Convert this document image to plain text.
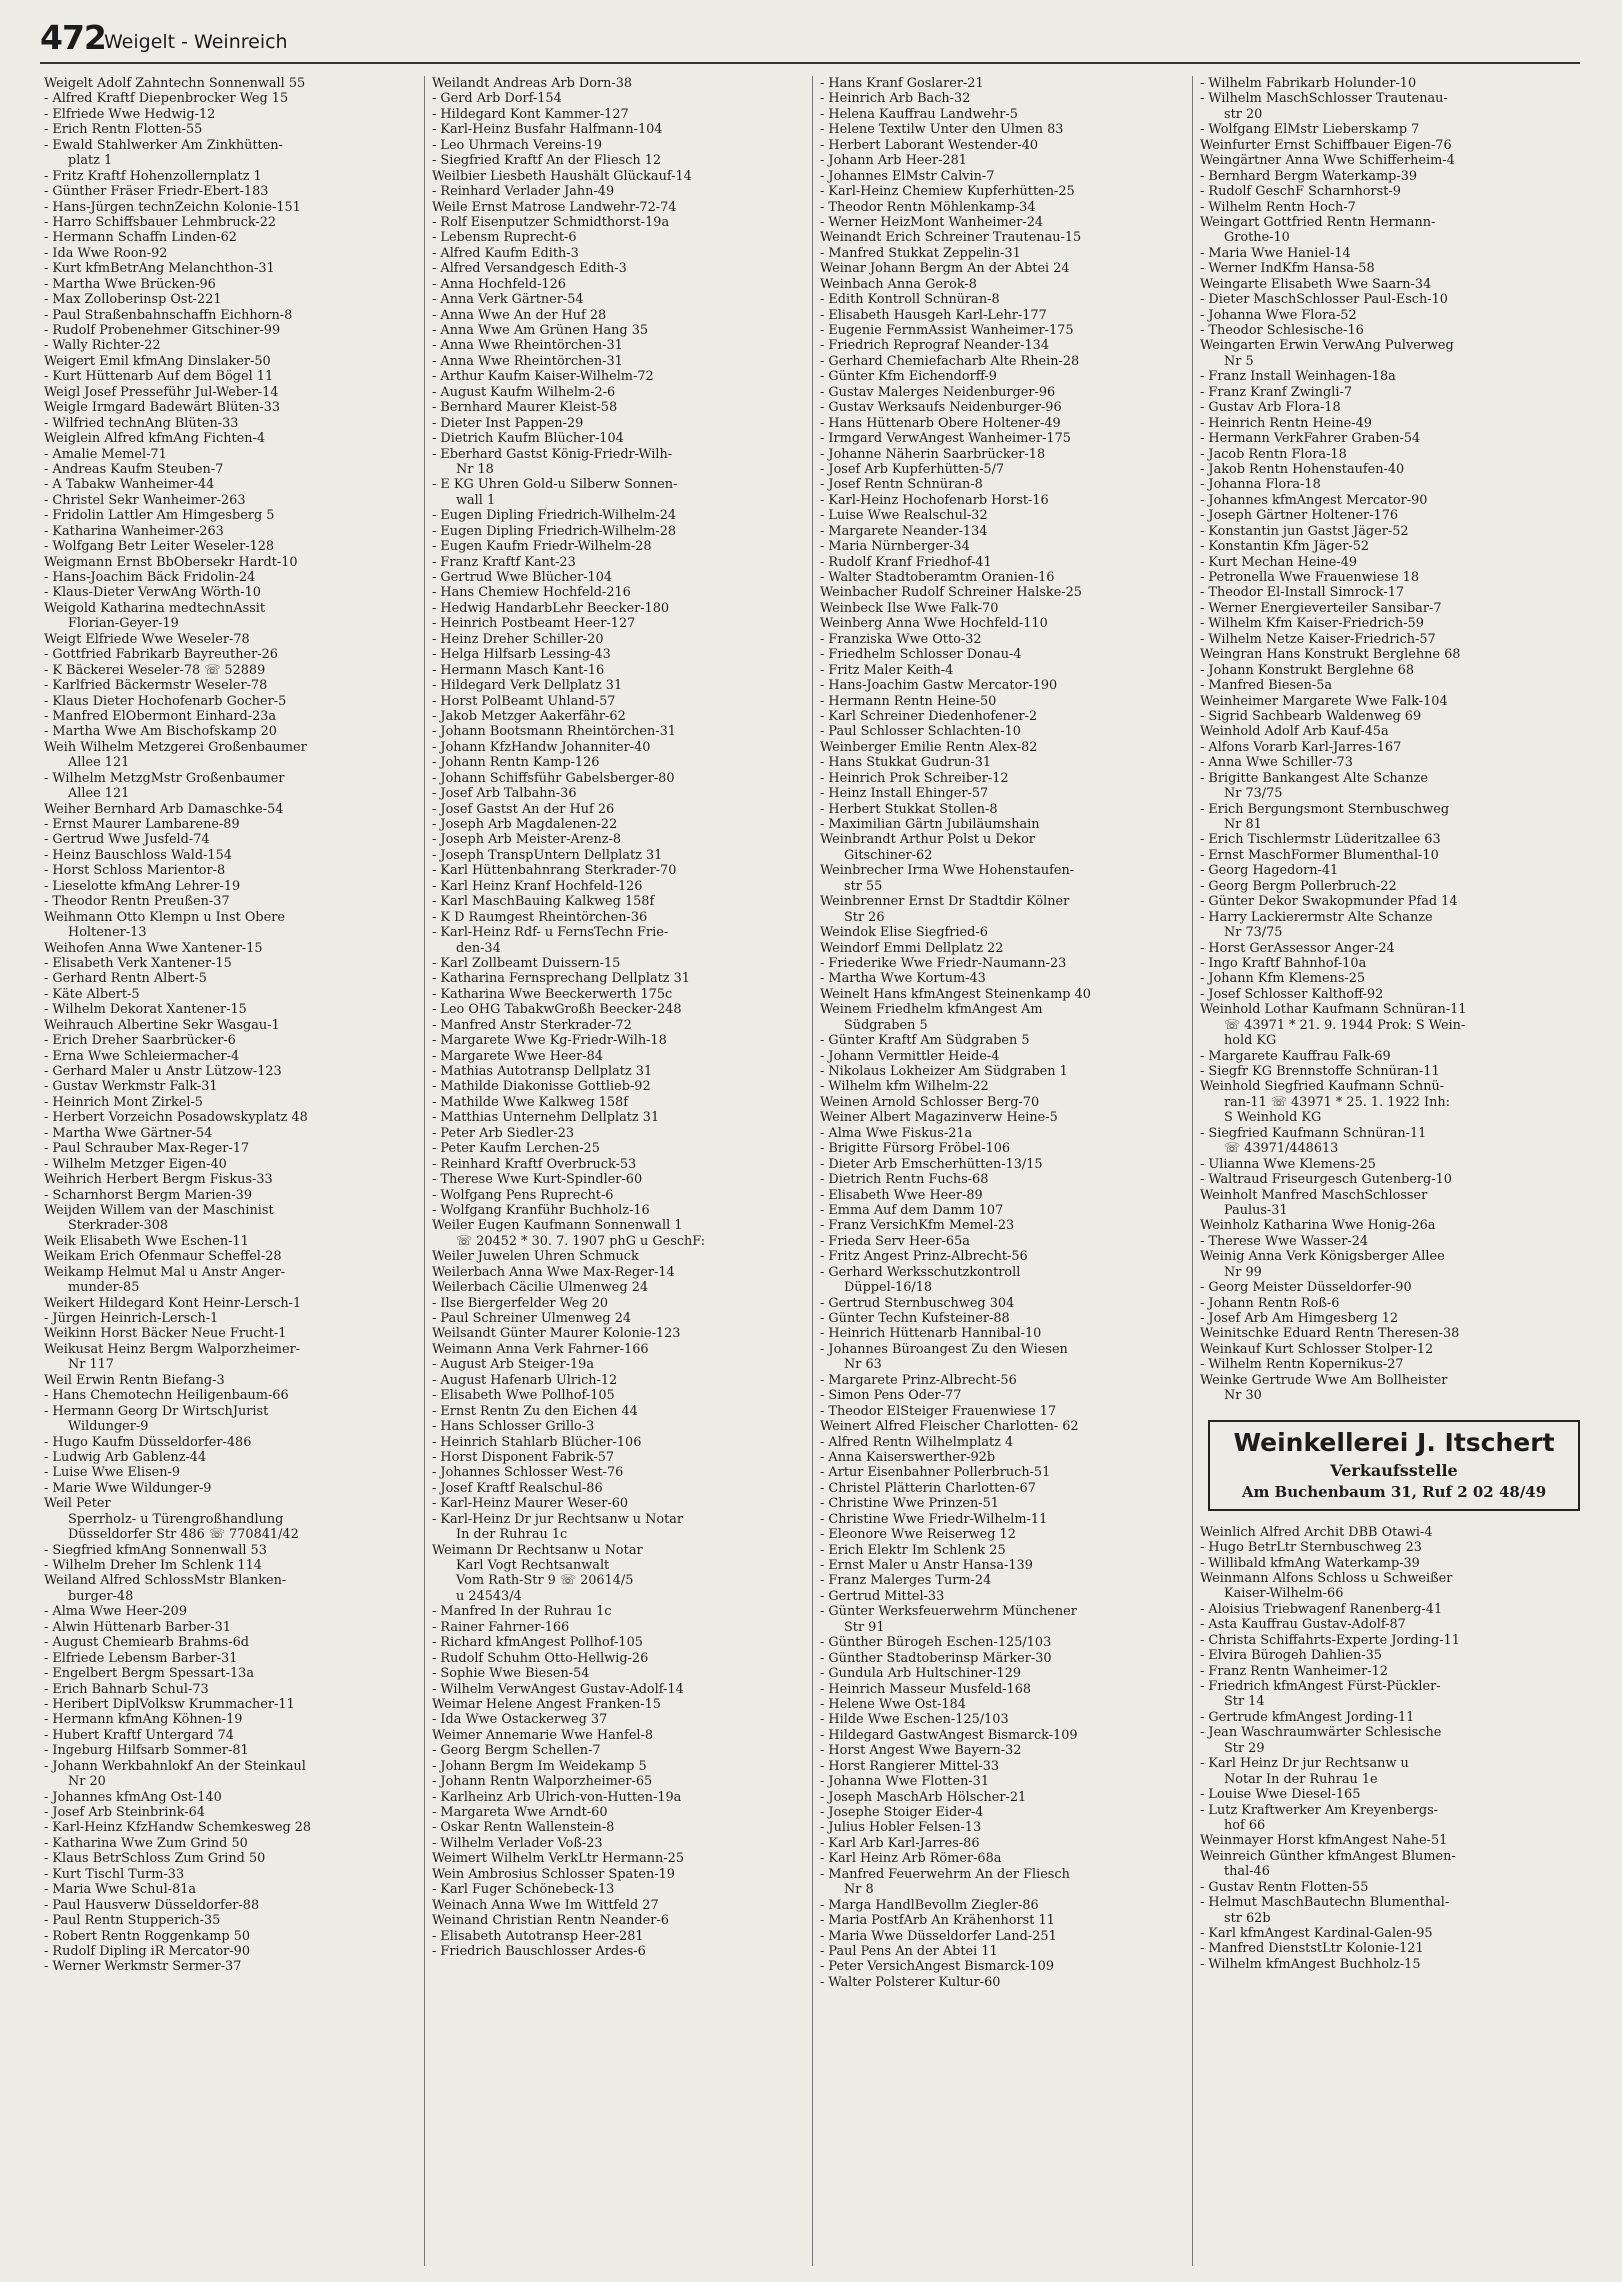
472
Weigelt - Weinreich
Weigelt Adolf Zahntechn Sonnenwall 55
- Alfred Kraftf Diepenbrocker Weg 15
- Elfriede Wwe Hedwig-12
- Erich Rentn Flotten-55
- Ewald Stahlwerker Am Zinkhütten-
platz 1
- Fritz Kraftf Hohenzollernplatz 1
- Günther Fräser Friedr-Ebert-183
- Hans-Jürgen technZeichn Kolonie-151
- Harro Schiffsbauer Lehmbruck-22
- Hermann Schaffn Linden-62
- Ida Wwe Roon-92
- Kurt kfmBetrAng Melanchthon-31
- Martha Wwe Brücken-96
- Max Zolloberinsp Ost-221
- Paul Straßenbahnschaffn Eichhorn-8
- Rudolf Probenehmer Gitschiner-99
- Wally Richter-22
Weigert Emil kfmAng Dinslaker-50
- Kurt Hüttenarb Auf dem Bögel 11
Weigl Josef Presseführ Jul-Weber-14
Weigle Irmgard Badewärt Blüten-33
- Wilfried technAng Blüten-33
Weiglein Alfred kfmAng Fichten-4
- Amalie Memel-71
- Andreas Kaufm Steuben-7
- A Tabakw Wanheimer-44
- Christel Sekr Wanheimer-263
- Fridolin Lattler Am Himgesberg 5
- Katharina Wanheimer-263
- Wolfgang Betr Leiter Weseler-128
Weigmann Ernst BbObersekr Hardt-10
- Hans-Joachim Bäck Fridolin-24
- Klaus-Dieter VerwAng Wörth-10
Weigold Katharina medtechnAssit
Florian-Geyer-19
Weigt Elfriede Wwe Weseler-78
- Gottfried Fabrikarb Bayreuther-26
- K Bäckerei Weseler-78 ☏ 52889
- Karlfried Bäckermstr Weseler-78
- Klaus Dieter Hochofenarb Gocher-5
- Manfred ElObermont Einhard-23a
- Martha Wwe Am Bischofskamp 20
Weih Wilhelm Metzgerei Großenbaumer
Allee 121
- Wilhelm MetzgMstr Großenbaumer
Allee 121
Weiher Bernhard Arb Damaschke-54
- Ernst Maurer Lambarene-89
- Gertrud Wwe Jusfeld-74
- Heinz Bauschloss Wald-154
- Horst Schloss Marientor-8
- Lieselotte kfmAng Lehrer-19
- Theodor Rentn Preußen-37
Weihmann Otto Klempn u Inst Obere
Holtener-13
Weihofen Anna Wwe Xantener-15
- Elisabeth Verk Xantener-15
- Gerhard Rentn Albert-5
- Käte Albert-5
- Wilhelm Dekorat Xantener-15
Weihrauch Albertine Sekr Wasgau-1
- Erich Dreher Saarbrücker-6
- Erna Wwe Schleiermacher-4
- Gerhard Maler u Anstr Lützow-123
- Gustav Werkmstr Falk-31
- Heinrich Mont Zirkel-5
- Herbert Vorzeichn Posadowskyplatz 48
- Martha Wwe Gärtner-54
- Paul Schrauber Max-Reger-17
- Wilhelm Metzger Eigen-40
Weihrich Herbert Bergm Fiskus-33
- Scharnhorst Bergm Marien-39
Weijden Willem van der Maschinist
Sterkrader-308
Weik Elisabeth Wwe Eschen-11
Weikam Erich Ofenmaur Scheffel-28
Weikamp Helmut Mal u Anstr Anger-
munder-85
Weikert Hildegard Kont Heinr-Lersch-1
- Jürgen Heinrich-Lersch-1
Weikinn Horst Bäcker Neue Frucht-1
Weikusat Heinz Bergm Walporzheimer-
Nr 117
Weil Erwin Rentn Biefang-3
- Hans Chemotechn Heiligenbaum-66
- Hermann Georg Dr WirtschJurist
Wildunger-9
- Hugo Kaufm Düsseldorfer-486
- Ludwig Arb Gablenz-44
- Luise Wwe Elisen-9
- Marie Wwe Wildunger-9
Weil Peter
Sperrholz- u Türengroßhandlung
Düsseldorfer Str 486 ☏ 770841/42
- Siegfried kfmAng Sonnenwall 53
- Wilhelm Dreher Im Schlenk 114
Weiland Alfred SchlossMstr Blanken-
burger-48
- Alma Wwe Heer-209
- Alwin Hüttenarb Barber-31
- August Chemiearb Brahms-6d
- Elfriede Lebensm Barber-31
- Engelbert Bergm Spessart-13a
- Erich Bahnarb Schul-73
- Heribert DiplVolksw Krummacher-11
- Hermann kfmAng Köhnen-19
- Hubert Kraftf Untergard 74
- Ingeburg Hilfsarb Sommer-81
- Johann Werkbahnlokf An der Steinkaul
Nr 20
- Johannes kfmAng Ost-140
- Josef Arb Steinbrink-64
- Karl-Heinz KfzHandw Schemkesweg 28
- Katharina Wwe Zum Grind 50
- Klaus BetrSchloss Zum Grind 50
- Kurt Tischl Turm-33
- Maria Wwe Schul-81a
- Paul Hausverw Düsseldorfer-88
- Paul Rentn Stupperich-35
- Robert Rentn Roggenkamp 50
- Rudolf Dipling iR Mercator-90
- Werner Werkmstr Sermer-37
Weilandt Andreas Arb Dorn-38
- Gerd Arb Dorf-154
- Hildegard Kont Kammer-127
- Karl-Heinz Busfahr Halfmann-104
- Leo Uhrmach Vereins-19
- Siegfried Kraftf An der Fliesch 12
Weilbier Liesbeth Haushält Glückauf-14
- Reinhard Verlader Jahn-49
Weile Ernst Matrose Landwehr-72-74
- Rolf Eisenputzer Schmidthorst-19a
- Lebensm Ruprecht-6
- Alfred Kaufm Edith-3
- Alfred Versandgesch Edith-3
- Anna Hochfeld-126
- Anna Verk Gärtner-54
- Anna Wwe An der Huf 28
- Anna Wwe Am Grünen Hang 35
- Anna Wwe Rheintörchen-31
- Anna Wwe Rheintörchen-31
- Arthur Kaufm Kaiser-Wilhelm-72
- August Kaufm Wilhelm-2-6
- Bernhard Maurer Kleist-58
- Dieter Inst Pappen-29
- Dietrich Kaufm Blücher-104
- Eberhard Gastst König-Friedr-Wilh-
Nr 18
- E KG Uhren Gold-u Silberw Sonnen-
wall 1
- Eugen Dipling Friedrich-Wilhelm-24
- Eugen Dipling Friedrich-Wilhelm-28
- Eugen Kaufm Friedr-Wilhelm-28
- Franz Kraftf Kant-23
- Gertrud Wwe Blücher-104
- Hans Chemiew Hochfeld-216
- Hedwig HandarbLehr Beecker-180
- Heinrich Postbeamt Heer-127
- Heinz Dreher Schiller-20
- Helga Hilfsarb Lessing-43
- Hermann Masch Kant-16
- Hildegard Verk Dellplatz 31
- Horst PolBeamt Uhland-57
- Jakob Metzger Aakerfähr-62
- Johann Bootsmann Rheintörchen-31
- Johann KfzHandw Johanniter-40
- Johann Rentn Kamp-126
- Johann Schiffsführ Gabelsberger-80
- Josef Arb Talbahn-36
- Josef Gastst An der Huf 26
- Joseph Arb Magdalenen-22
- Joseph Arb Meister-Arenz-8
- Joseph TranspUntern Dellplatz 31
- Karl Hüttenbahnrang Sterkrader-70
- Karl Heinz Kranf Hochfeld-126
- Karl MaschBauing Kalkweg 158f
- K D Raumgest Rheintörchen-36
- Karl-Heinz Rdf- u FernsTechn Frie-
den-34
- Karl Zollbeamt Duissern-15
- Katharina Fernsprechang Dellplatz 31
- Katharina Wwe Beeckerwerth 175c
- Leo OHG TabakwGroßh Beecker-248
- Manfred Anstr Sterkrader-72
- Margarete Wwe Kg-Friedr-Wilh-18
- Margarete Wwe Heer-84
- Mathias Autotransp Dellplatz 31
- Mathilde Diakonisse Gottlieb-92
- Mathilde Wwe Kalkweg 158f
- Matthias Unternehm Dellplatz 31
- Peter Arb Siedler-23
- Peter Kaufm Lerchen-25
- Reinhard Kraftf Overbruck-53
- Therese Wwe Kurt-Spindler-60
- Wolfgang Pens Ruprecht-6
- Wolfgang Kranführ Buchholz-16
Weiler Eugen Kaufmann Sonnenwall 1
☏ 20452 * 30. 7. 1907 phG u GeschF:
Weiler Juwelen Uhren Schmuck
Weilerbach Anna Wwe Max-Reger-14
Weilerbach Cäcilie Ulmenweg 24
- Ilse Biergerfelder Weg 20
- Paul Schreiner Ulmenweg 24
Weilsandt Günter Maurer Kolonie-123
Weimann Anna Verk Fahrner-166
- August Arb Steiger-19a
- August Hafenarb Ulrich-12
- Elisabeth Wwe Pollhof-105
- Ernst Rentn Zu den Eichen 44
- Hans Schlosser Grillo-3
- Heinrich Stahlarb Blücher-106
- Horst Disponent Fabrik-57
- Johannes Schlosser West-76
- Josef Kraftf Realschul-86
- Karl-Heinz Maurer Weser-60
- Karl-Heinz Dr jur Rechtsanw u Notar
In der Ruhrau 1c
Weimann Dr Rechtsanw u Notar
Karl Vogt Rechtsanwalt
Vom Rath-Str 9 ☏ 20614/5
u 24543/4
- Manfred In der Ruhrau 1c
- Rainer Fahrner-166
- Richard kfmAngest Pollhof-105
- Rudolf Schuhm Otto-Hellwig-26
- Sophie Wwe Biesen-54
- Wilhelm VerwAngest Gustav-Adolf-14
Weimar Helene Angest Franken-15
- Ida Wwe Ostackerweg 37
Weimer Annemarie Wwe Hanfel-8
- Georg Bergm Schellen-7
- Johann Bergm Im Weidekamp 5
- Johann Rentn Walporzheimer-65
- Karlheinz Arb Ulrich-von-Hutten-19a
- Margareta Wwe Arndt-60
- Oskar Rentn Wallenstein-8
- Wilhelm Verlader Voß-23
Weimert Wilhelm VerkLtr Hermann-25
Wein Ambrosius Schlosser Spaten-19
- Karl Fuger Schönebeck-13
Weinach Anna Wwe Im Wittfeld 27
Weinand Christian Rentn Neander-6
- Elisabeth Autotransp Heer-281
- Friedrich Bauschlosser Ardes-6
- Hans Kranf Goslarer-21
- Heinrich Arb Bach-32
- Helena Kauffrau Landwehr-5
- Helene Textilw Unter den Ulmen 83
- Herbert Laborant Westender-40
- Johann Arb Heer-281
- Johannes ElMstr Calvin-7
- Karl-Heinz Chemiew Kupferhütten-25
- Theodor Rentn Möhlenkamp-34
- Werner HeizMont Wanheimer-24
Weinandt Erich Schreiner Trautenau-15
- Manfred Stukkat Zeppelin-31
Weinar Johann Bergm An der Abtei 24
Weinbach Anna Gerok-8
- Edith Kontroll Schnüran-8
- Elisabeth Hausgeh Karl-Lehr-177
- Eugenie FernmAssist Wanheimer-175
- Friedrich Reprograf Neander-134
- Gerhard Chemiefacharb Alte Rhein-28
- Günter Kfm Eichendorff-9
- Gustav Malerges Neidenburger-96
- Gustav Werksaufs Neidenburger-96
- Hans Hüttenarb Obere Holtener-49
- Irmgard VerwAngest Wanheimer-175
- Johanne Näherin Saarbrücker-18
- Josef Arb Kupferhütten-5/7
- Josef Rentn Schnüran-8
- Karl-Heinz Hochofenarb Horst-16
- Luise Wwe Realschul-32
- Margarete Neander-134
- Maria Nürnberger-34
- Rudolf Kranf Friedhof-41
- Walter Stadtoberamtm Oranien-16
Weinbacher Rudolf Schreiner Halske-25
Weinbeck Ilse Wwe Falk-70
Weinberg Anna Wwe Hochfeld-110
- Franziska Wwe Otto-32
- Friedhelm Schlosser Donau-4
- Fritz Maler Keith-4
- Hans-Joachim Gastw Mercator-190
- Hermann Rentn Heine-50
- Karl Schreiner Diedenhofener-2
- Paul Schlosser Schlachten-10
Weinberger Emilie Rentn Alex-82
- Hans Stukkat Gudrun-31
- Heinrich Prok Schreiber-12
- Heinz Install Ehinger-57
- Herbert Stukkat Stollen-8
- Maximilian Gärtn Jubiläumshain
Weinbrandt Arthur Polst u Dekor
Gitschiner-62
Weinbrecher Irma Wwe Hohenstaufen-
str 55
Weinbrenner Ernst Dr Stadtdir Kölner
Str 26
Weindok Elise Siegfried-6
Weindorf Emmi Dellplatz 22
- Friederike Wwe Friedr-Naumann-23
- Martha Wwe Kortum-43
Weinelt Hans kfmAngest Steinenkamp 40
Weinem Friedhelm kfmAngest Am
Südgraben 5
- Günter Kraftf Am Südgraben 5
- Johann Vermittler Heide-4
- Nikolaus Lokheizer Am Südgraben 1
- Wilhelm kfm Wilhelm-22
Weinen Arnold Schlosser Berg-70
Weiner Albert Magazinverw Heine-5
- Alma Wwe Fiskus-21a
- Brigitte Fürsorg Fröbel-106
- Dieter Arb Emscherhütten-13/15
- Dietrich Rentn Fuchs-68
- Elisabeth Wwe Heer-89
- Emma Auf dem Damm 107
- Franz VersichKfm Memel-23
- Frieda Serv Heer-65a
- Fritz Angest Prinz-Albrecht-56
- Gerhard Werksschutzkontroll
Düppel-16/18
- Gertrud Sternbuschweg 304
- Günter Techn Kufsteiner-88
- Heinrich Hüttenarb Hannibal-10
- Johannes Büroangest Zu den Wiesen
Nr 63
- Margarete Prinz-Albrecht-56
- Simon Pens Oder-77
- Theodor ElSteiger Frauenwiese 17
Weinert Alfred Fleischer Charlotten- 62
- Alfred Rentn Wilhelmplatz 4
- Anna Kaiserswerther-92b
- Artur Eisenbahner Pollerbruch-51
- Christel Plätterin Charlotten-67
- Christine Wwe Prinzen-51
- Christine Wwe Friedr-Wilhelm-11
- Eleonore Wwe Reiserweg 12
- Erich Elektr Im Schlenk 25
- Ernst Maler u Anstr Hansa-139
- Franz Malerges Turm-24
- Gertrud Mittel-33
- Günter Werksfeuerwehrm Münchener
Str 91
- Günther Bürogeh Eschen-125/103
- Günther Stadtoberinsp Märker-30
- Gundula Arb Hultschiner-129
- Heinrich Masseur Musfeld-168
- Helene Wwe Ost-184
- Hilde Wwe Eschen-125/103
- Hildegard GastwAngest Bismarck-109
- Horst Angest Wwe Bayern-32
- Horst Rangierer Mittel-33
- Johanna Wwe Flotten-31
- Joseph MaschArb Hölscher-21
- Josephe Stoiger Eider-4
- Julius Hobler Felsen-13
- Karl Arb Karl-Jarres-86
- Karl Heinz Arb Römer-68a
- Manfred Feuerwehrm An der Fliesch
Nr 8
- Marga HandlBevollm Ziegler-86
- Maria PostfArb An Krähenhorst 11
- Maria Wwe Düsseldorfer Land-251
- Paul Pens An der Abtei 11
- Peter VersichAngest Bismarck-109
- Walter Polsterer Kultur-60
- Wilhelm Fabrikarb Holunder-10
- Wilhelm MaschSchlosser Trautenau-
str 20
- Wolfgang ElMstr Lieberskamp 7
Weinfurter Ernst Schiffbauer Eigen-76
Weingärtner Anna Wwe Schifferheim-4
- Bernhard Bergm Waterkamp-39
- Rudolf GeschF Scharnhorst-9
- Wilhelm Rentn Hoch-7
Weingart Gottfried Rentn Hermann-
Grothe-10
- Maria Wwe Haniel-14
- Werner IndKfm Hansa-58
Weingarte Elisabeth Wwe Saarn-34
- Dieter MaschSchlosser Paul-Esch-10
- Johanna Wwe Flora-52
- Theodor Schlesische-16
Weingarten Erwin VerwAng Pulverweg
Nr 5
- Franz Install Weinhagen-18a
- Franz Kranf Zwingli-7
- Gustav Arb Flora-18
- Heinrich Rentn Heine-49
- Hermann VerkFahrer Graben-54
- Jacob Rentn Flora-18
- Jakob Rentn Hohenstaufen-40
- Johanna Flora-18
- Johannes kfmAngest Mercator-90
- Joseph Gärtner Holtener-176
- Konstantin jun Gastst Jäger-52
- Konstantin Kfm Jäger-52
- Kurt Mechan Heine-49
- Petronella Wwe Frauenwiese 18
- Theodor El-Install Simrock-17
- Werner Energieverteiler Sansibar-7
- Wilhelm Kfm Kaiser-Friedrich-59
- Wilhelm Netze Kaiser-Friedrich-57
Weingran Hans Konstrukt Berglehne 68
- Johann Konstrukt Berglehne 68
- Manfred Biesen-5a
Weinheimer Margarete Wwe Falk-104
- Sigrid Sachbearb Waldenweg 69
Weinhold Adolf Arb Kauf-45a
- Alfons Vorarb Karl-Jarres-167
- Anna Wwe Schiller-73
- Brigitte Bankangest Alte Schanze
Nr 73/75
- Erich Bergungsmont Sternbuschweg
Nr 81
- Erich Tischlermstr Lüderitzallee 63
- Ernst MaschFormer Blumenthal-10
- Georg Hagedorn-41
- Georg Bergm Pollerbruch-22
- Günter Dekor Swakopmunder Pfad 14
- Harry Lackierermstr Alte Schanze
Nr 73/75
- Horst GerAssessor Anger-24
- Ingo Kraftf Bahnhof-10a
- Johann Kfm Klemens-25
- Josef Schlosser Kalthoff-92
Weinhold Lothar Kaufmann Schnüran-11
☏ 43971 * 21. 9. 1944 Prok: S Wein-
hold KG
- Margarete Kauffrau Falk-69
- Siegfr KG Brennstoffe Schnüran-11
Weinhold Siegfried Kaufmann Schnü-
ran-11 ☏ 43971 * 25. 1. 1922 Inh:
S Weinhold KG
- Siegfried Kaufmann Schnüran-11
☏ 43971/448613
- Ulianna Wwe Klemens-25
- Waltraud Friseurgesch Gutenberg-10
Weinholt Manfred MaschSchlosser
Paulus-31
Weinholz Katharina Wwe Honig-26a
- Therese Wwe Wasser-24
Weinig Anna Verk Königsberger Allee
Nr 99
- Georg Meister Düsseldorfer-90
- Johann Rentn Roß-6
- Josef Arb Am Himgesberg 12
Weinitschke Eduard Rentn Theresen-38
Weinkauf Kurt Schlosser Stolper-12
- Wilhelm Rentn Kopernikus-27
Weinke Gertrude Wwe Am Bollheister
Nr 30
Weinkellerei J. Itschert
Verkaufsstelle
Am Buchenbaum 31, Ruf 2 02 48/49
Weinlich Alfred Archit DBB Otawi-4
- Hugo BetrLtr Sternbuschweg 23
- Willibald kfmAng Waterkamp-39
Weinmann Alfons Schloss u Schweißer
Kaiser-Wilhelm-66
- Aloisius Triebwagenf Ranenberg-41
- Asta Kauffrau Gustav-Adolf-87
- Christa Schiffahrts-Experte Jording-11
- Elvira Bürogeh Dahlien-35
- Franz Rentn Wanheimer-12
- Friedrich kfmAngest Fürst-Pückler-
Str 14
- Gertrude kfmAngest Jording-11
- Jean Waschraumwärter Schlesische
Str 29
- Karl Heinz Dr jur Rechtsanw u
Notar In der Ruhrau 1e
- Louise Wwe Diesel-165
- Lutz Kraftwerker Am Kreyenbergs-
hof 66
Weinmayer Horst kfmAngest Nahe-51
Weinreich Günther kfmAngest Blumen-
thal-46
- Gustav Rentn Flotten-55
- Helmut MaschBautechn Blumenthal-
str 62b
- Karl kfmAngest Kardinal-Galen-95
- Manfred DienststLtr Kolonie-121
- Wilhelm kfmAngest Buchholz-15
